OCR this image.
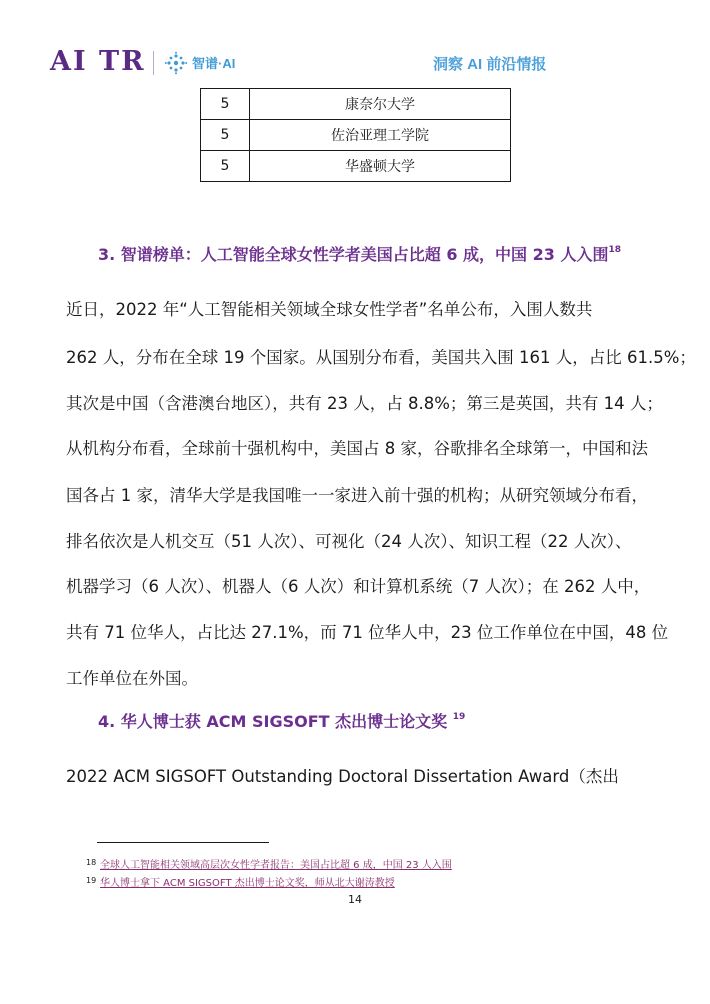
AI TR	智谱·AI	洞察 AI 前沿情报
5	康奈尔大学
5	佐治亚理工学院
5	华盛顿大学
3. 智谱榜单：人工智能全球女性学者美国占比超 6 成，中国 23 人入围$^{18}$
近日，2022 年“人工智能相关领域全球女性学者”名单公布，入围人数共
262 人，分布在全球 19 个国家。从国别分布看，美国共入围 161 人，占比 61.5%；
其次是中国（含港澳台地区），共有 23 人，占 8.8%；第三是英国，共有 14 人；
从机构分布看，全球前十强机构中，美国占 8 家，谷歌排名全球第一，中国和法
国各占 1 家，清华大学是我国唯一一家进入前十强的机构；从研究领域分布看，
排名依次是人机交互（51 人次）、可视化（24 人次）、知识工程（22 人次）、
机器学习（6 人次）、机器人（6 人次）和计算机系统（7 人次）；在 262 人中，
共有 71 位华人，占比达 27.1%，而 71 位华人中，23 位工作单位在中国，48 位
工作单位在外国。
4. 华人博士获 ACM SIGSOFT 杰出博士论文奖 $^{19}$
2022 ACM SIGSOFT Outstanding Doctoral Dissertation Award（杰出
18 全球人工智能相关领域高层次女性学者报告：美国占比超 6 成，中国 23 人入围
19 华人博士拿下 ACM SIGSOFT 杰出博士论文奖，师从北大谢涛教授
14
